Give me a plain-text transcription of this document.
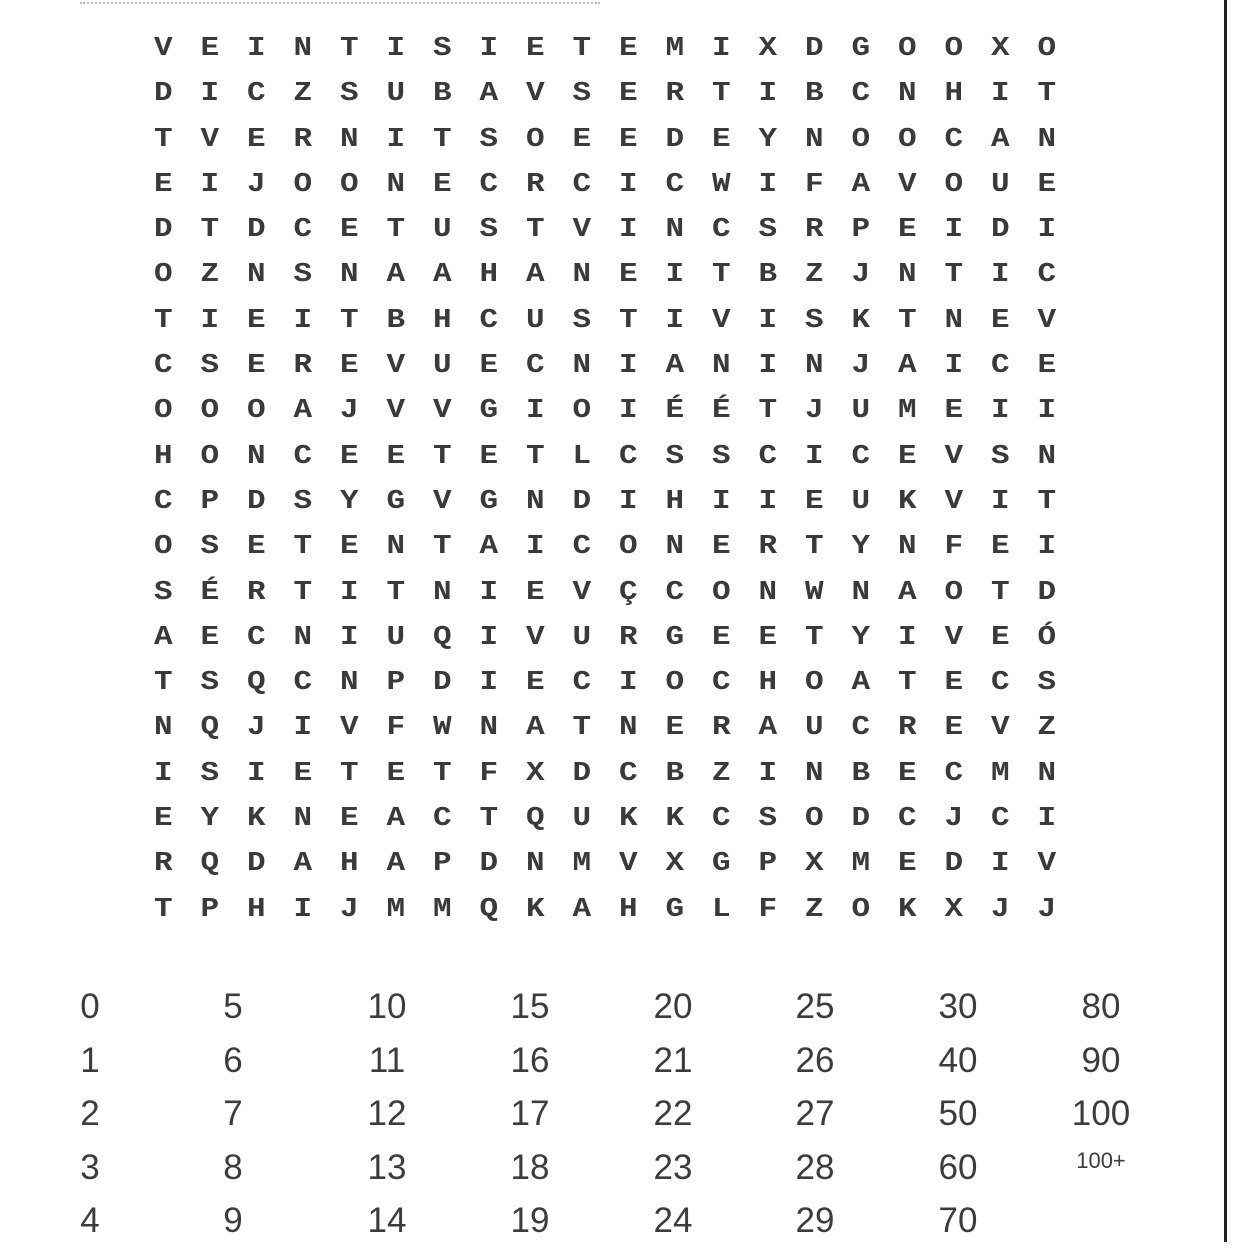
V E I N T I S I E T E M I X D G O O X O
D I C Z S U B A V S E R T I B C N H I T
T V E R N I T S O E E D E Y N O O C A N
E I J O O N E C R C I C W I F A V O U E
D T D C E T U S T V I N C S R P E I D I
O Z N S N A A H A N E I T B Z J N T I C
T I E I T B H C U S T I V I S K T N E V
C S E R E V U E C N I A N I N J A I C E
O O O A J V V G I O I É É T J U M E I I
H O N C E E T E T L C S S C I C E V S N
C P D S Y G V G N D I H I I E U K V I T
O S E T E N T A I C O N E R T Y N F E I
S É R T I T N I E V Ç C O N W N A O T D
A E C N I U Q I V U R G E E T Y I V E Ó
T S Q C N P D I E C I O C H O A T E C S
N Q J I V F W N A T N E R A U C R E V Z
I S I E T E T F X D C B Z I N B E C M N
E Y K N E A C T Q U K K C S O D C J C I
R Q D A H A P D N M V X G P X M E D I V
T P H I J M M Q K A H G L F Z O K X J J
0
1
2
3
4
5
6
7
8
9
10
11
12
13
14
15
16
17
18
19
20
21
22
23
24
25
26
27
28
29
30
40
50
60
70
80
90
100
100+
